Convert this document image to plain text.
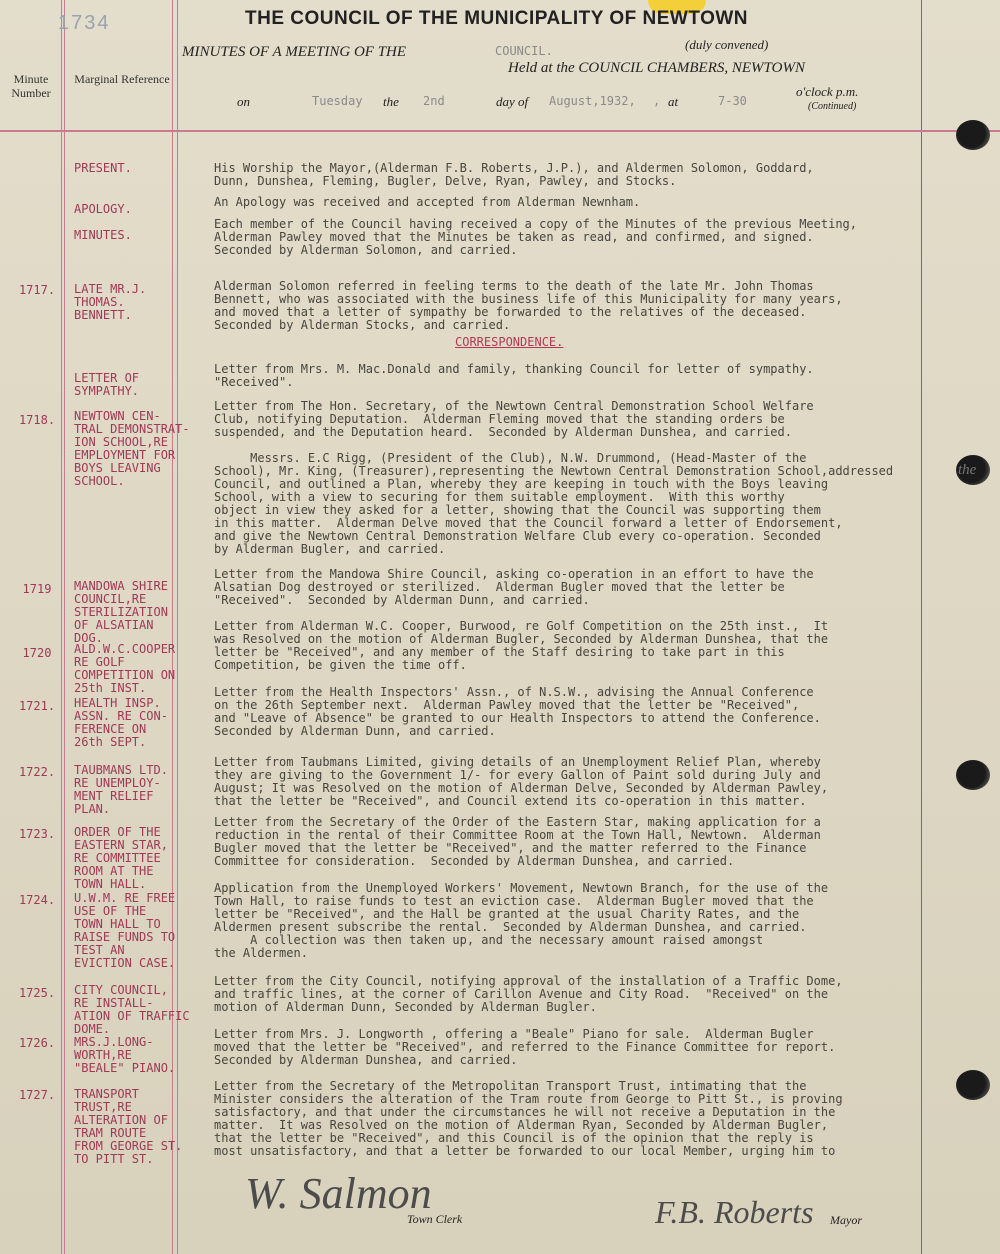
1734	THE COUNCIL OF THE MUNICIPALITY OF NEWTOWN
Minute Number
Marginal Reference
MINUTES OF A MEETING OF THE	COUNCIL.	(duly convened)
Held at the COUNCIL CHAMBERS, NEWTOWN
on	Tuesday the 2nd	day of August,1932, , at	7-30
o'clock p.m.
(Continued)
PRESENT.	His Worship the Mayor,(Alderman F.B. Roberts, J.P.), and Aldermen Solomon, Goddard,
Dunn, Dunshea, Fleming, Bugler, Delve, Ryan, Pawley, and Stocks.
APOLOGY.	An Apology was received and accepted from Alderman Newnham.
MINUTES.
Each member of the Council having received a copy of the Minutes of the previous Meeting,
Alderman Pawley moved that the Minutes be taken as read, and confirmed, and signed.
Seconded by Alderman Solomon, and carried.
1717.	LATE MR.J.
THOMAS.
BENNETT.
Alderman Solomon referred in feeling terms to the death of the late Mr. John Thomas
Bennett, who was associated with the business life of this Municipality for many years,
and moved that a letter of sympathy be forwarded to the relatives of the deceased.
Seconded by Alderman Stocks, and carried.
CORRESPONDENCE.
LETTER OF
SYMPATHY.
Letter from Mrs. M. Mac.Donald and family, thanking Council for letter of sympathy.
"Received".
1718.	NEWTOWN CEN-
TRAL DEMONSTRAT-
ION SCHOOL,RE
EMPLOYMENT FOR
BOYS LEAVING
SCHOOL.
Letter from The Hon. Secretary, of the Newtown Central Demonstration School Welfare
Club, notifying Deputation.  Alderman Fleming moved that the standing orders be
suspended, and the Deputation heard.  Seconded by Alderman Dunshea, and carried.
Messrs. E.C Rigg, (President of the Club), N.W. Drummond, (Head-Master of the
School), Mr. King, (Treasurer),representing the Newtown Central Demonstration School,addressed
Council, and outlined a Plan, whereby they are keeping in touch with the Boys leaving
School, with a view to securing for them suitable employment.  With this worthy
object in view they asked for a letter, showing that the Council was supporting them
in this matter.  Alderman Delve moved that the Council forward a letter of Endorsement,
and give the Newtown Central Demonstration Welfare Club every co-operation. Seconded
by Alderman Bugler, and carried.
the
1719	MANDOWA SHIRE
COUNCIL,RE
STERILIZATION
OF ALSATIAN
DOG.
Letter from the Mandowa Shire Council, asking co-operation in an effort to have the
Alsatian Dog destroyed or sterilized.  Alderman Bugler moved that the letter be
"Received".  Seconded by Alderman Dunn, and carried.
1720	ALD.W.C.COOPER
RE GOLF
COMPETITION ON
25th INST.
Letter from Alderman W.C. Cooper, Burwood, re Golf Competition on the 25th inst.,  It
was Resolved on the motion of Alderman Bugler, Seconded by Alderman Dunshea, that the
letter be "Received", and any member of the Staff desiring to take part in this
Competition, be given the time off.
1721.	HEALTH INSP.
ASSN. RE CON-
FERENCE ON
26th SEPT.
Letter from the Health Inspectors' Assn., of N.S.W., advising the Annual Conference
on the 26th September next.  Alderman Pawley moved that the letter be "Received",
and "Leave of Absence" be granted to our Health Inspectors to attend the Conference.
Seconded by Alderman Dunn, and carried.
1722.	TAUBMANS LTD.
RE UNEMPLOY-
MENT RELIEF
PLAN.
Letter from Taubmans Limited, giving details of an Unemployment Relief Plan, whereby
they are giving to the Government 1/- for every Gallon of Paint sold during July and
August; It was Resolved on the motion of Alderman Delve, Seconded by Alderman Pawley,
that the letter be "Received", and Council extend its co-operation in this matter.
1723.	ORDER OF THE
EASTERN STAR,
RE COMMITTEE
ROOM AT THE
TOWN HALL.
Letter from the Secretary of the Order of the Eastern Star, making application for a
reduction in the rental of their Committee Room at the Town Hall, Newtown.  Alderman
Bugler moved that the letter be "Received", and the matter referred to the Finance
Committee for consideration.  Seconded by Alderman Dunshea, and carried.
1724.	U.W.M. RE FREE
USE OF THE
TOWN HALL TO
RAISE FUNDS TO
TEST AN
EVICTION CASE.
Application from the Unemployed Workers' Movement, Newtown Branch, for the use of the
Town Hall, to raise funds to test an eviction case.  Alderman Bugler moved that the
letter be "Received", and the Hall be granted at the usual Charity Rates, and the
Aldermen present subscribe the rental.  Seconded by Alderman Dunshea, and carried.
A collection was then taken up, and the necessary amount raised amongst
the Aldermen.
1725.	CITY COUNCIL,
RE INSTALL-
ATION OF TRAFFIC
DOME.
Letter from the City Council, notifying approval of the installation of a Traffic Dome,
and traffic lines, at the corner of Carillon Avenue and City Road.  "Received" on the
motion of Alderman Dunn, Seconded by Alderman Bugler.
1726.	MRS.J.LONG-
WORTH,RE
"BEALE" PIANO.
Letter from Mrs. J. Longworth , offering a "Beale" Piano for sale.  Alderman Bugler
moved that the letter be "Received", and referred to the Finance Committee for report.
Seconded by Alderman Dunshea, and carried.
1727.	TRANSPORT
TRUST,RE
ALTERATION OF
TRAM ROUTE
FROM GEORGE ST.
TO PITT ST.
Letter from the Secretary of the Metropolitan Transport Trust, intimating that the
Minister considers the alteration of the Tram route from George to Pitt St., is proving
satisfactory, and that under the circumstances he will not receive a Deputation in the
matter.  It was Resolved on the motion of Alderman Ryan, Seconded by Alderman Bugler,
that the letter be "Received", and this Council is of the opinion that the reply is
most unsatisfactory, and that a letter be forwarded to our local Member, urging him to
W. Salmon
Town Clerk	F.B. Roberts Mayor
